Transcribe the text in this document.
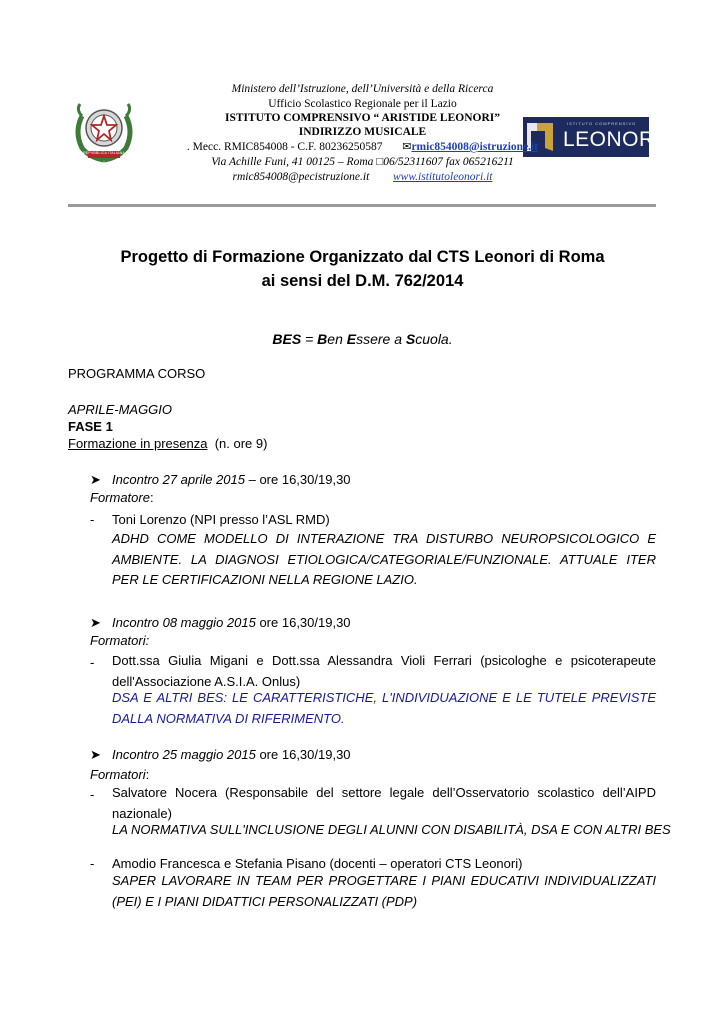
REPVBBLICA ITALIANA
ISTITUTO COMPRENSIVO
LEONORI
Ministero dell’Istruzione, dell’Università e della Ricerca
Ufficio Scolastico Regionale per il Lazio
ISTITUTO COMPRENSIVO “ ARISTIDE LEONORI”
INDIRIZZO MUSICALE
. Mecc. RMIC854008 - C.F. 80236250587 ✉rmic854008@istruzione.it
Via Achille Funi, 41 00125 – Roma □06/52311607 fax 065216211
rmic854008@pecistruzione.it www.istitutoleonori.it
Progetto di Formazione Organizzato dal CTS Leonori di Roma
ai sensi del D.M. 762/2014
BES = Ben Essere a Scuola.
PROGRAMMA CORSO
APRILE-MAGGIO
FASE 1
Formazione in presenza (n. ore 9)
➤ Incontro 27 aprile 2015 – ore 16,30/19,30
Formatore:
- Toni Lorenzo (NPI presso l’ASL RMD)
ADHD COME MODELLO DI INTERAZIONE TRA DISTURBO NEUROPSICOLOGICO E AMBIENTE. LA DIAGNOSI ETIOLOGICA/CATEGORIALE/FUNZIONALE. ATTUALE ITER PER LE CERTIFICAZIONI NELLA REGIONE LAZIO.
➤ Incontro 08 maggio 2015 ore 16,30/19,30
Formatori:
- Dott.ssa Giulia Migani e Dott.ssa Alessandra Violi Ferrari (psicologhe e psicoterapeute dell'Associazione A.S.I.A. Onlus)
DSA E ALTRI BES: LE CARATTERISTICHE, L'INDIVIDUAZIONE E LE TUTELE PREVISTE DALLA NORMATIVA DI RIFERIMENTO.
➤ Incontro 25 maggio 2015 ore 16,30/19,30
Formatori:
- Salvatore Nocera (Responsabile del settore legale dell’Osservatorio scolastico dell’AIPD nazionale)
LA NORMATIVA SULL'INCLUSIONE DEGLI ALUNNI CON DISABILITÀ, DSA E CON ALTRI BES
- Amodio Francesca e Stefania Pisano (docenti – operatori CTS Leonori)
SAPER LAVORARE IN TEAM PER PROGETTARE I PIANI EDUCATIVI INDIVIDUALIZZATI (PEI) E I PIANI DIDATTICI PERSONALIZZATI (PDP)
